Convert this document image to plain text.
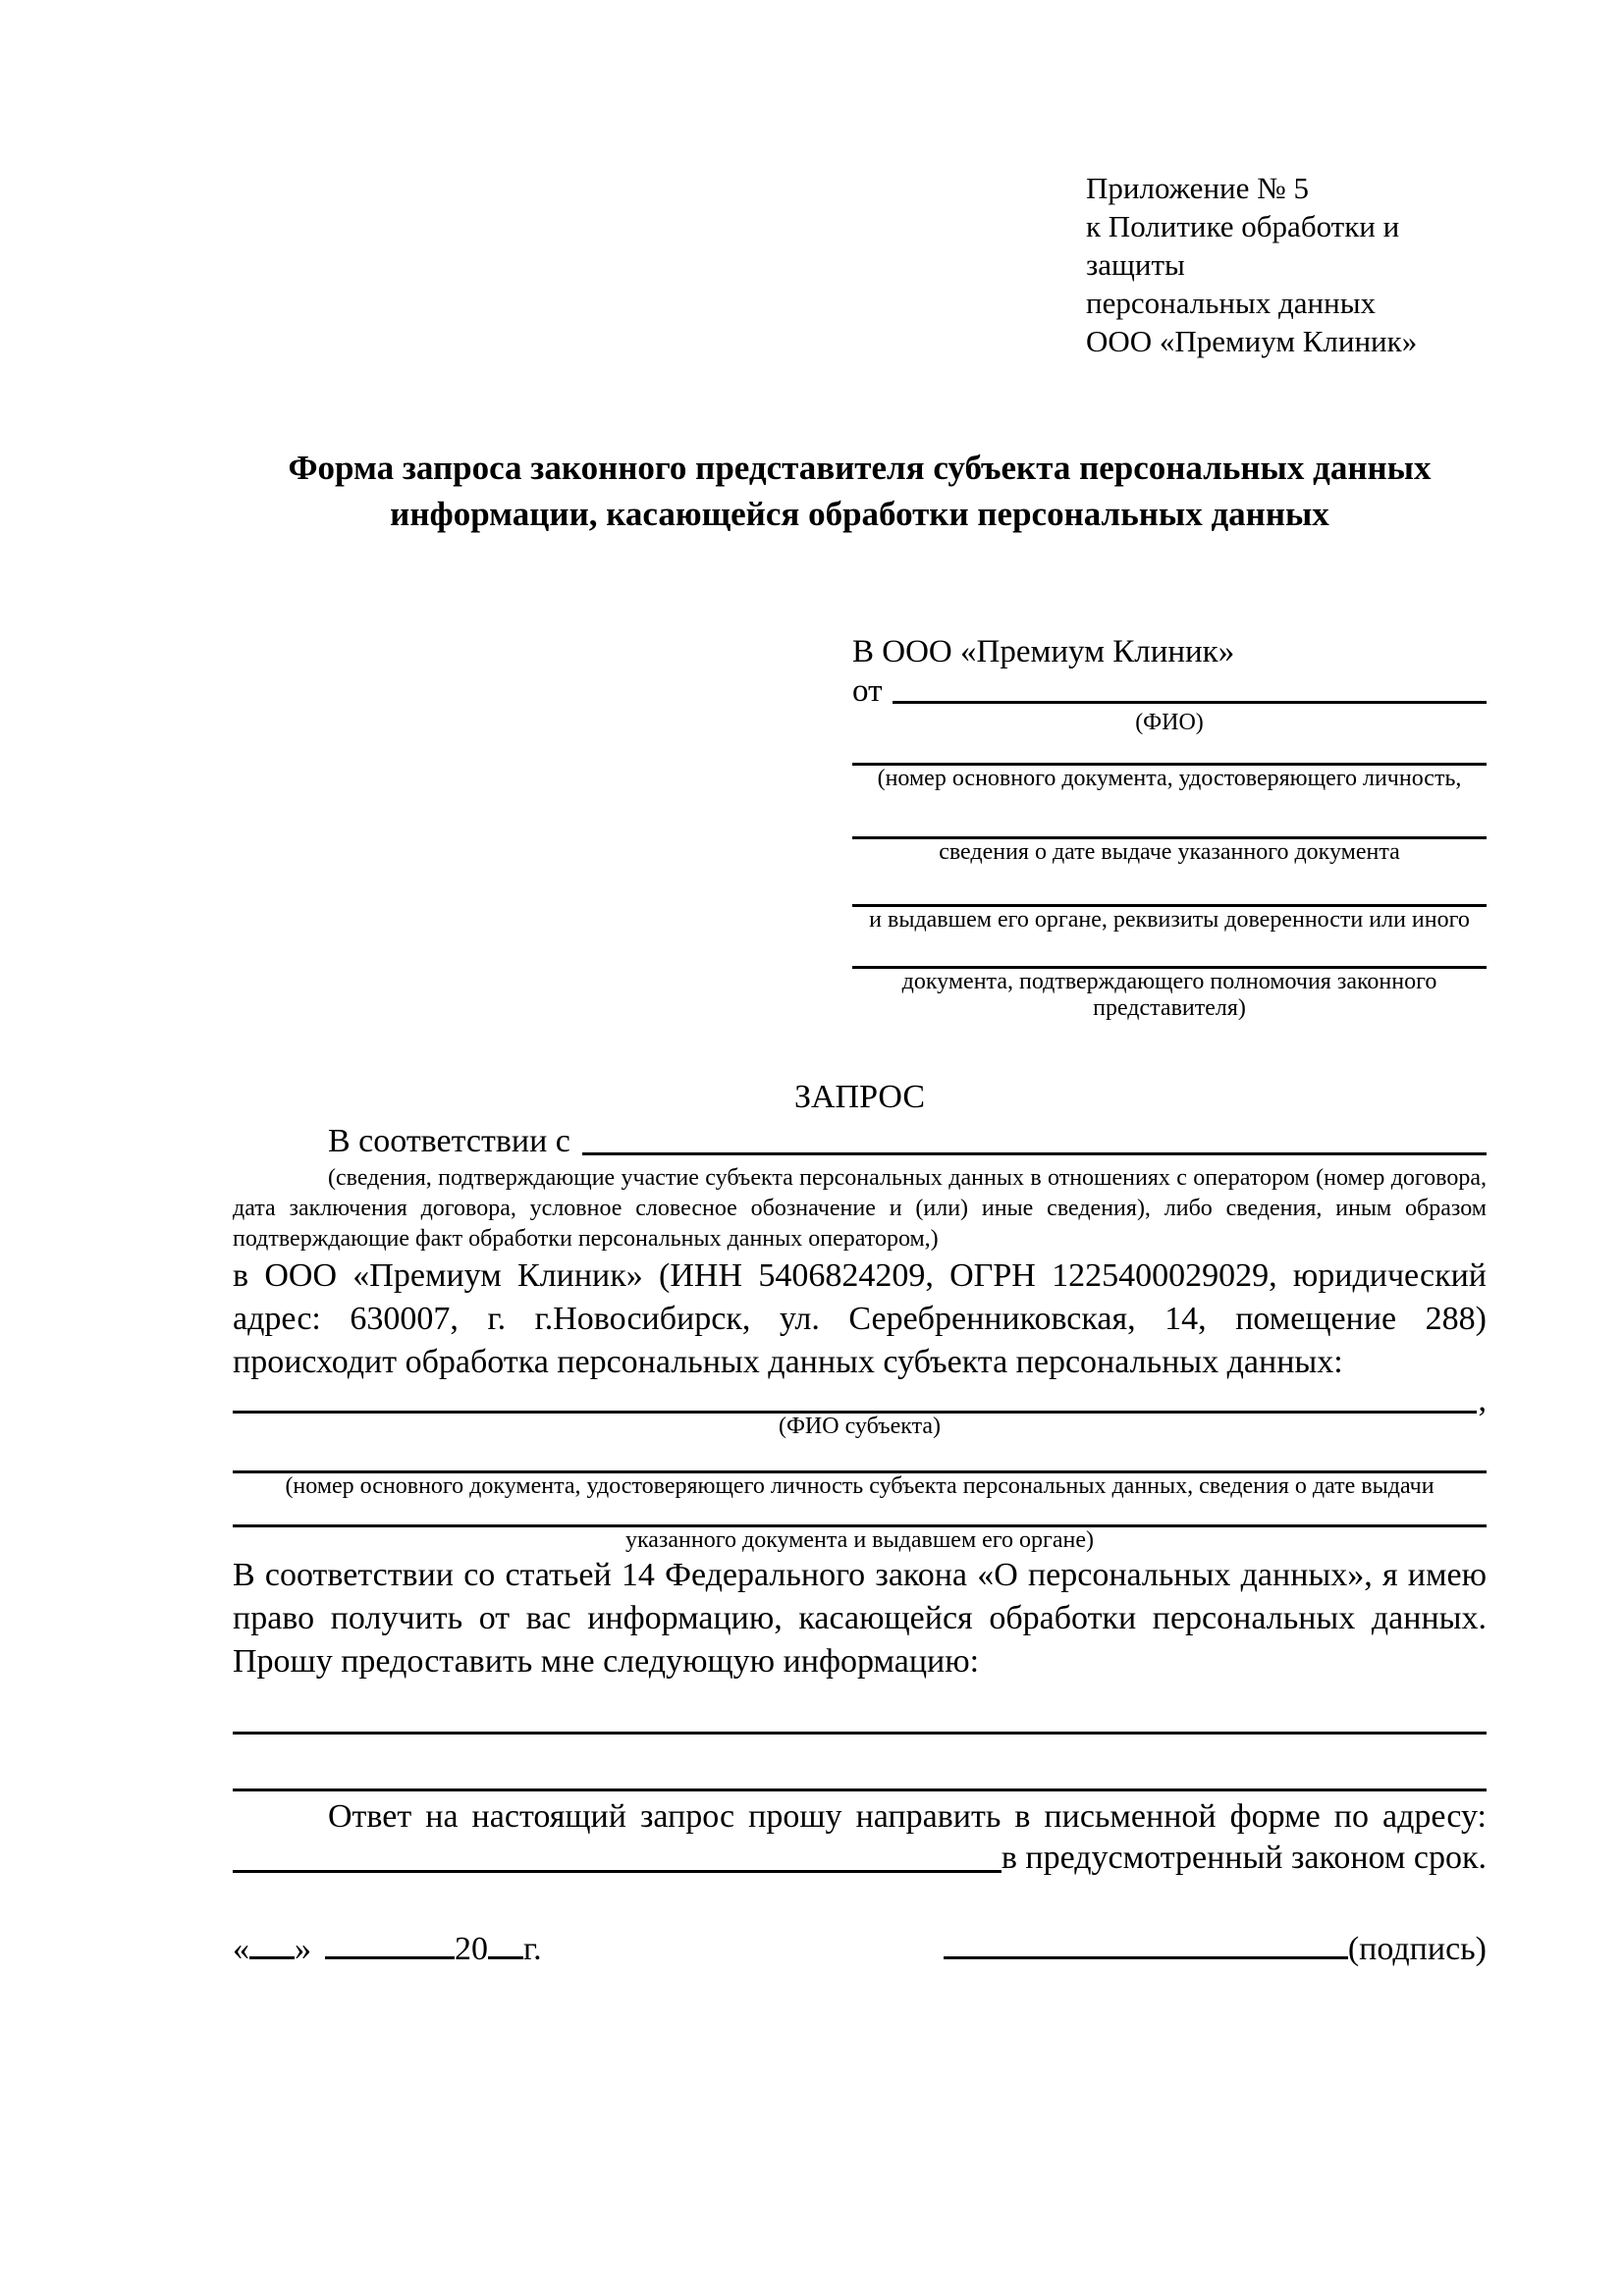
Приложение № 5
к Политике обработки и защиты
персональных данных
ООО «Премиум Клиник»
Форма запроса законного представителя субъекта персональных данных
информации, касающейся обработки персональных данных
В ООО «Премиум Клиник»
от
(ФИО)
(номер основного документа, удостоверяющего личность,
сведения о дате выдаче указанного документа
и выдавшем его органе, реквизиты доверенности или иного
документа, подтверждающего полномочия законного представителя)
ЗАПРОС
В соответствии с
(сведения, подтверждающие участие субъекта персональных данных в отношениях с оператором (номер договора, дата заключения договора, условное словесное обозначение и (или) иные сведения), либо сведения, иным образом подтверждающие факт обработки персональных данных оператором,)
в ООО «Премиум Клиник» (ИНН 5406824209, ОГРН 1225400029029, юридический адрес: 630007, г. г.Новосибирск, ул. Серебренниковская, 14, помещение 288) происходит обработка персональных данных субъекта персональных данных:
,
(ФИО субъекта)
(номер основного документа, удостоверяющего личность субъекта персональных данных, сведения о дате выдачи
указанного документа и выдавшем его органе)
В соответствии со статьей 14 Федерального закона «О персональных данных», я имею право получить от вас информацию, касающейся обработки персональных данных. Прошу предоставить мне следующую информацию:
Ответ на настоящий запрос прошу направить в письменной форме по адресу:
в предусмотренный законом срок.
« »	20 г.	(подпись)
